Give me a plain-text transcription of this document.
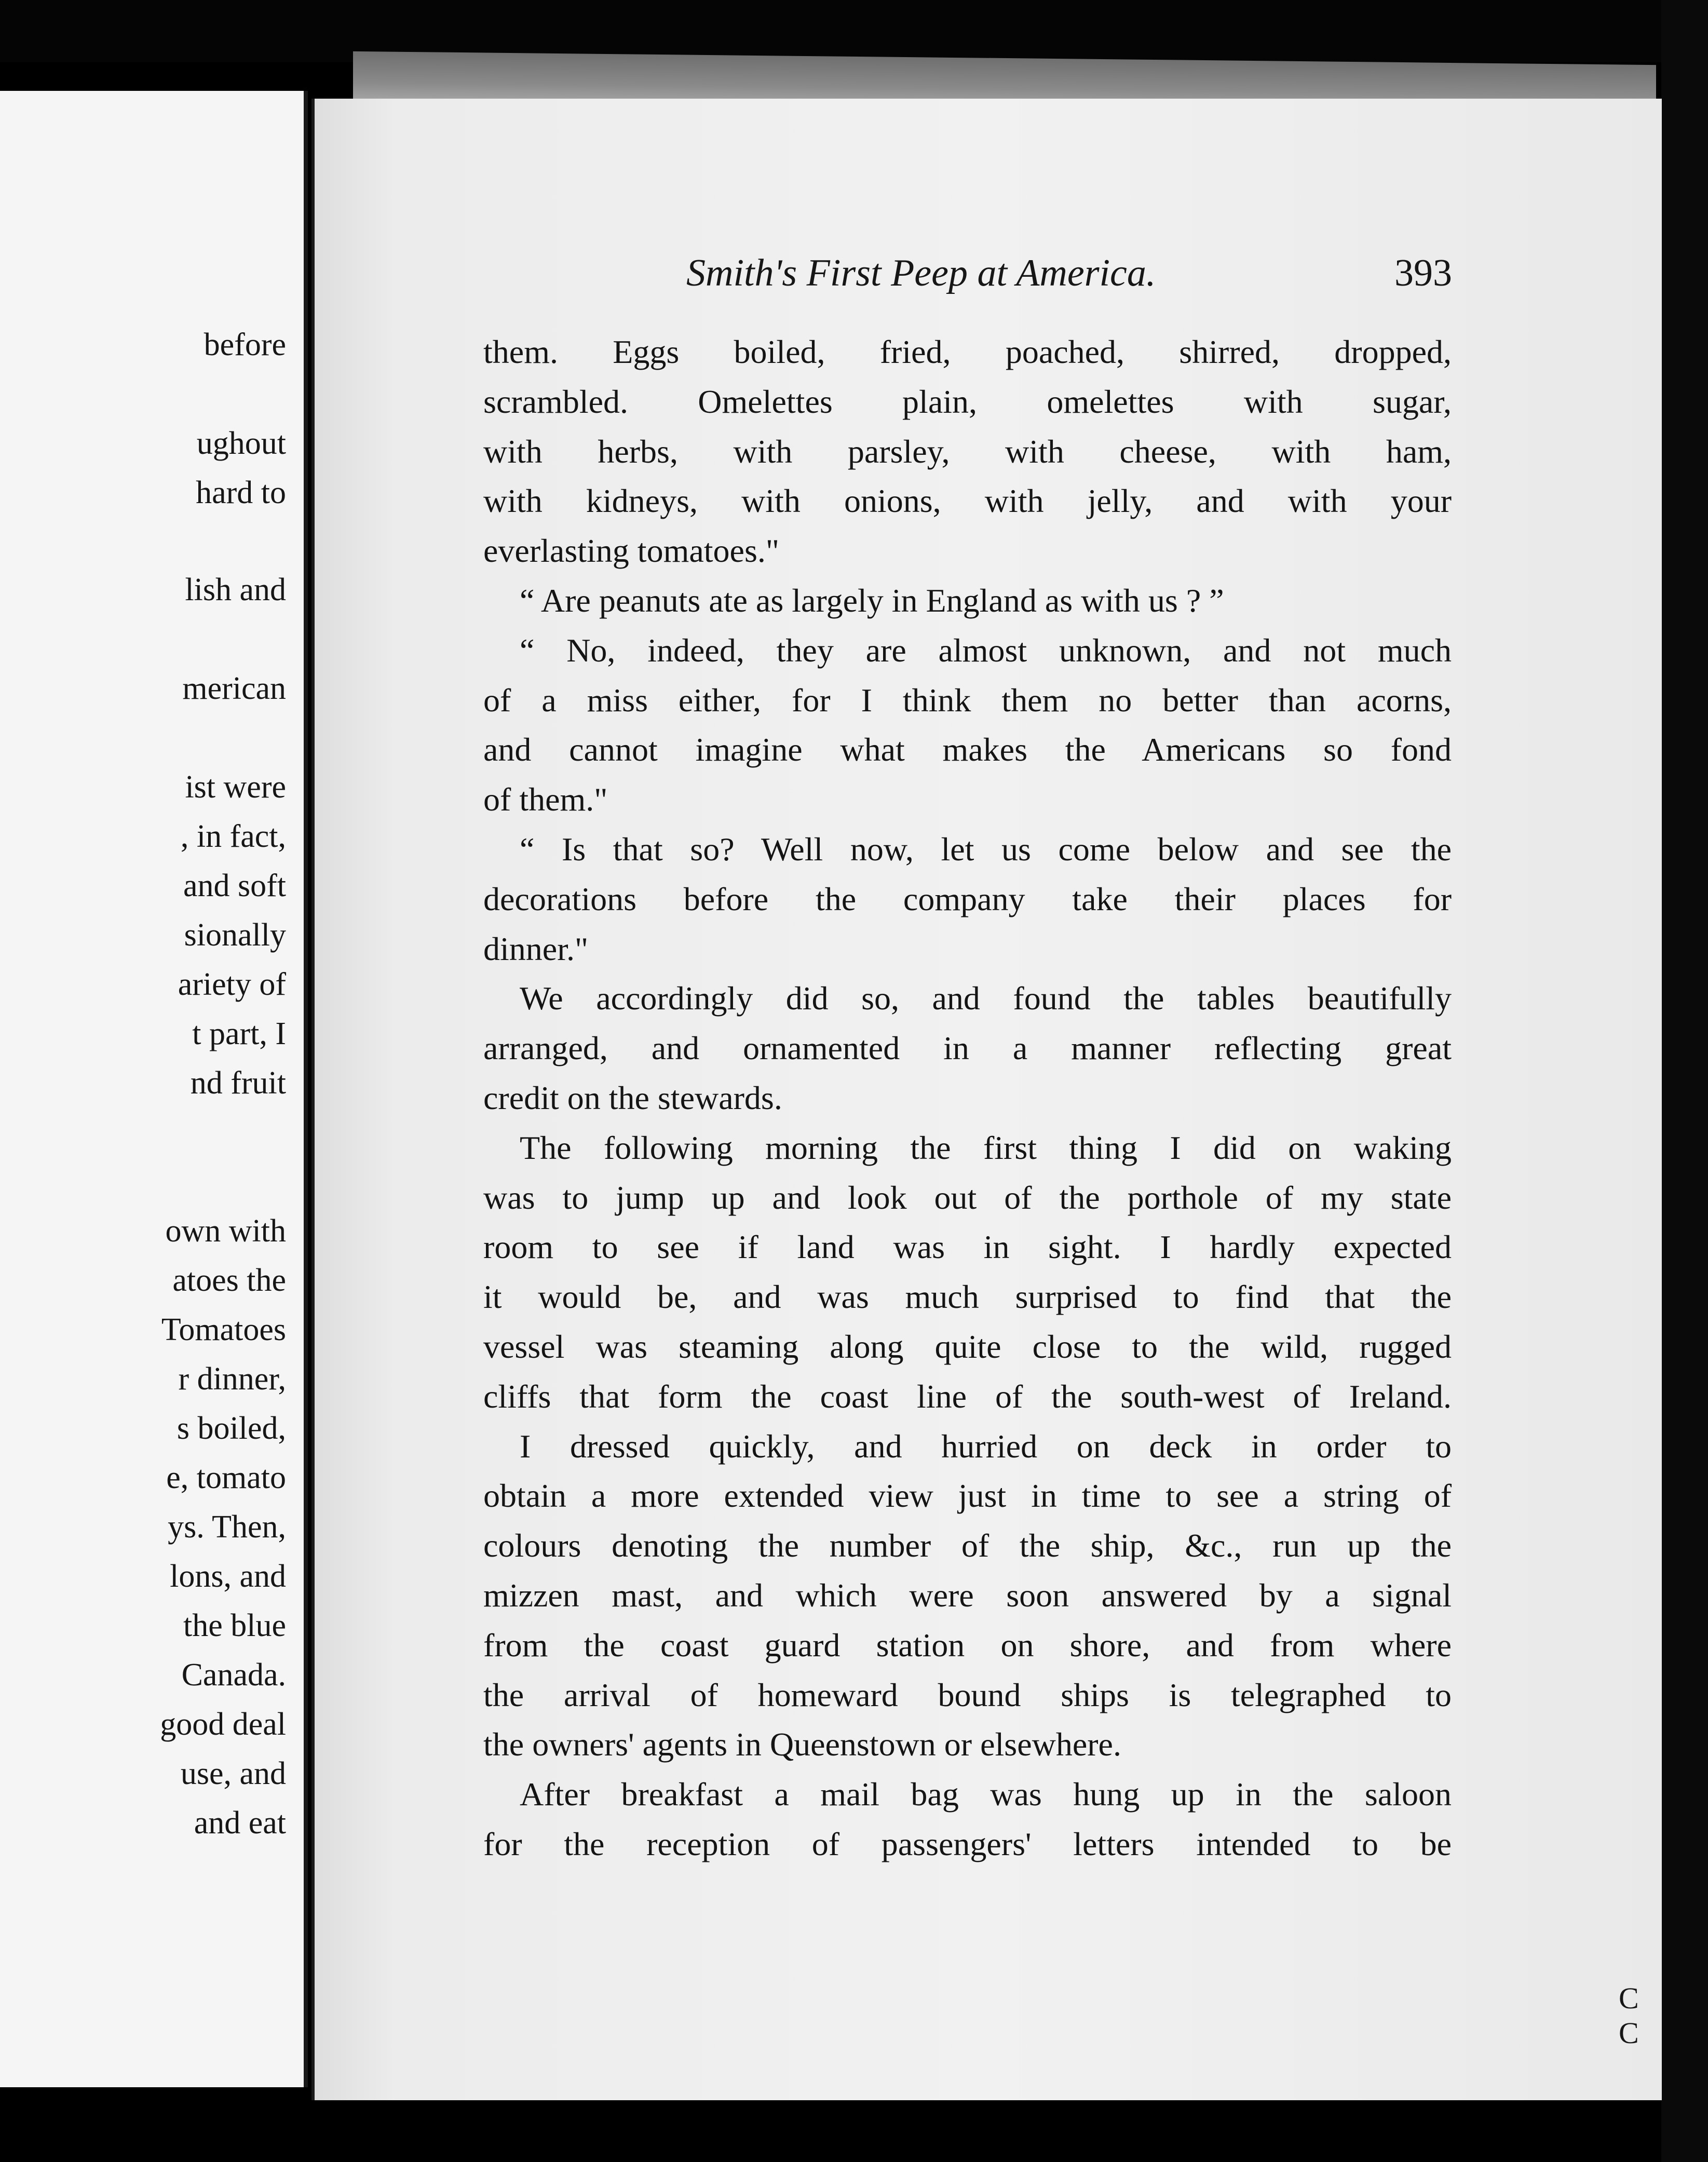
before
ughout
hard to
lish and
merican
ist were
, in fact,
and soft
sionally
ariety of
t part, I
nd fruit
own with
atoes the
Tomatoes
r dinner,
s boiled,
e, tomato
ys. Then,
lons, and
the blue
Canada.
good deal
use, and
and eat
Smith's First Peep at America.	393
them. Eggs boiled, fried, poached, shirred, dropped,
scrambled. Omelettes plain, omelettes with sugar,
with herbs, with parsley, with cheese, with ham,
with kidneys, with onions, with jelly, and with your
everlasting tomatoes."
“ Are peanuts ate as largely in England as with us ? ”
“ No, indeed, they are almost unknown, and not much
of a miss either, for I think them no better than acorns,
and cannot imagine what makes the Americans so fond
of them."
“ Is that so? Well now, let us come below and see the
decorations before the company take their places for
dinner."
We accordingly did so, and found the tables beautifully
arranged, and ornamented in a manner reflecting great
credit on the stewards.
The following morning the first thing I did on waking
was to jump up and look out of the porthole of my state
room to see if land was in sight. I hardly expected
it would be, and was much surprised to find that the
vessel was steaming along quite close to the wild, rugged
cliffs that form the coast line of the south-west of Ireland.
I dressed quickly, and hurried on deck in order to
obtain a more extended view just in time to see a string of
colours denoting the number of the ship, &c., run up the
mizzen mast, and which were soon answered by a signal
from the coast guard station on shore, and from where
the arrival of homeward bound ships is telegraphed to
the owners' agents in Queenstown or elsewhere.
After breakfast a mail bag was hung up in the saloon
for the reception of passengers' letters intended to be
C C
